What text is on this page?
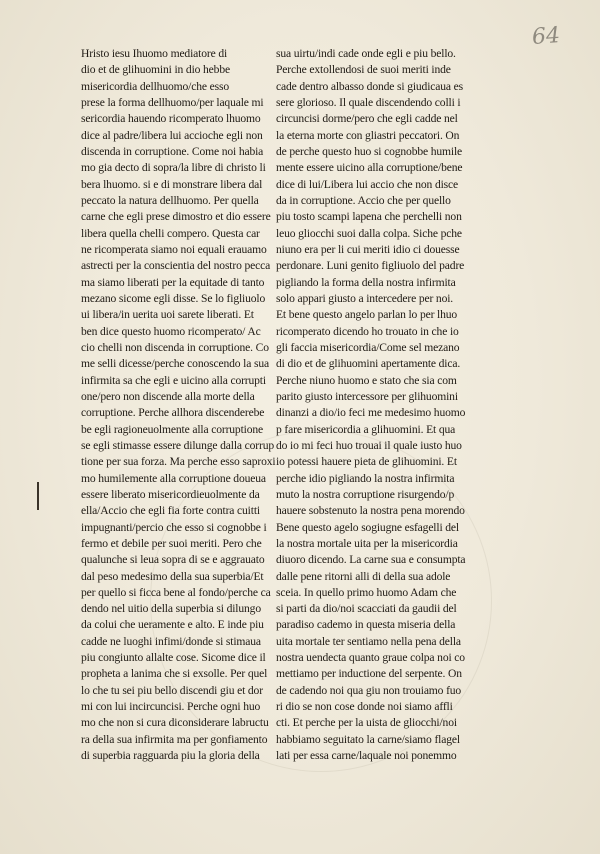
64
Hristo iesu Ihuomo mediatore di
dio et de glihuomini in dio hebbe
misericordia dellhuomo/che esso
prese la forma dellhuomo/per laquale mi
sericordia hauendo ricomperato lhuomo
dice al padre/libera lui accioche egli non
discenda in corruptione. Come noi habia
mo gia decto di sopra/la libre di christo li
bera lhuomo. si e di monstrare libera dal
peccato la natura dellhuomo. Per quella
carne che egli prese dimostro et dio essere
libera quella chelli compero. Questa car
ne ricomperata siamo noi equali erauamo
astrecti per la conscientia del nostro pecca
ma siamo liberati per la equitade di tanto
mezano sicome egli disse. Se lo figliuolo
ui libera/in uerita uoi sarete liberati. Et
ben dice questo huomo ricomperato/ Ac
cio chelli non discenda in corruptione. Co
me selli dicesse/perche conoscendo la sua
infirmita sa che egli e uicino alla corrupti
one/pero non discende alla morte della
corruptione. Perche allhora discenderebe
be egli ragioneuolmente alla corruptione
se egli stimasse essere dilunge dalla corrup
tione per sua forza. Ma perche esso saproxi
mo humilemente alla corruptione doueua
essere liberato misericordieuolmente da
ella/Accio che egli fia forte contra cuitti
impugnanti/percio che esso si cognobbe i
fermo et debile per suoi meriti. Pero che
qualunche si leua sopra di se e aggrauato
dal peso medesimo della sua superbia/Et
per quello si ficca bene al fondo/perche ca
dendo nel uitio della superbia si dilungo
da colui che ueramente e alto. E inde piu
cadde ne luoghi infimi/donde si stimaua
piu congiunto allalte cose. Sicome dice il
propheta a lanima che si exsolle. Per quel
lo che tu sei piu bello discendi giu et dor
mi con lui incircuncisi. Perche ogni huo
mo che non si cura diconsiderare labructu
ra della sua infirmita ma per gonfiamento
di superbia ragguarda piu la gloria della
sua uirtu/indi cade onde egli e piu bello.
Perche extollendosi de suoi meriti inde
cade dentro albasso donde si giudicaua es
sere glorioso. Il quale discendendo colli i
circuncisi dorme/pero che egli cadde nel
la eterna morte con gliastri peccatori. On
de perche questo huo si cognobbe humile
mente essere uicino alla corruptione/bene
dice di lui/Libera lui accio che non disce
da in corruptione. Accio che per quello
piu tosto scampi lapena che perchelli non
leuo gliocchi suoi dalla colpa. Siche pche
niuno era per li cui meriti idio ci douesse
perdonare. Luni genito figliuolo del padre
pigliando la forma della nostra infirmita
solo appari giusto a intercedere per noi.
Et bene questo angelo parlan lo per lhuo
ricomperato dicendo ho trouato in che io
gli faccia misericordia/Come sel mezano
di dio et de glihuomini apertamente dica.
Perche niuno huomo e stato che sia com
parito giusto intercessore per glihuomini
dinanzi a dio/io feci me medesimo huomo
p fare misericordia a glihuomini. Et qua
do io mi feci huo trouai il quale iusto huo
io potessi hauere pieta de glihuomini. Et
perche idio pigliando la nostra infirmita
muto la nostra corruptione risurgendo/p
hauere sobstenuto la nostra pena morendo
Bene questo agelo sogiugne esfagelli del
la nostra mortale uita per la misericordia
diuoro dicendo. La carne sua e consumpta
dalle pene ritorni alli di della sua adole
sceia. In quello primo huomo Adam che
si parti da dio/noi scacciati da gaudii del
paradiso cademo in questa miseria della
uita mortale ter sentiamo nella pena della
nostra uendecta quanto graue colpa noi co
mettiamo per inductione del serpente. On
de cadendo noi qua giu non trouiamo fuo
ri dio se non cose donde noi siamo affli
cti. Et perche per la uista de gliocchi/noi
habbiamo seguitato la carne/siamo flagel
lati per essa carne/laquale noi ponemmo
